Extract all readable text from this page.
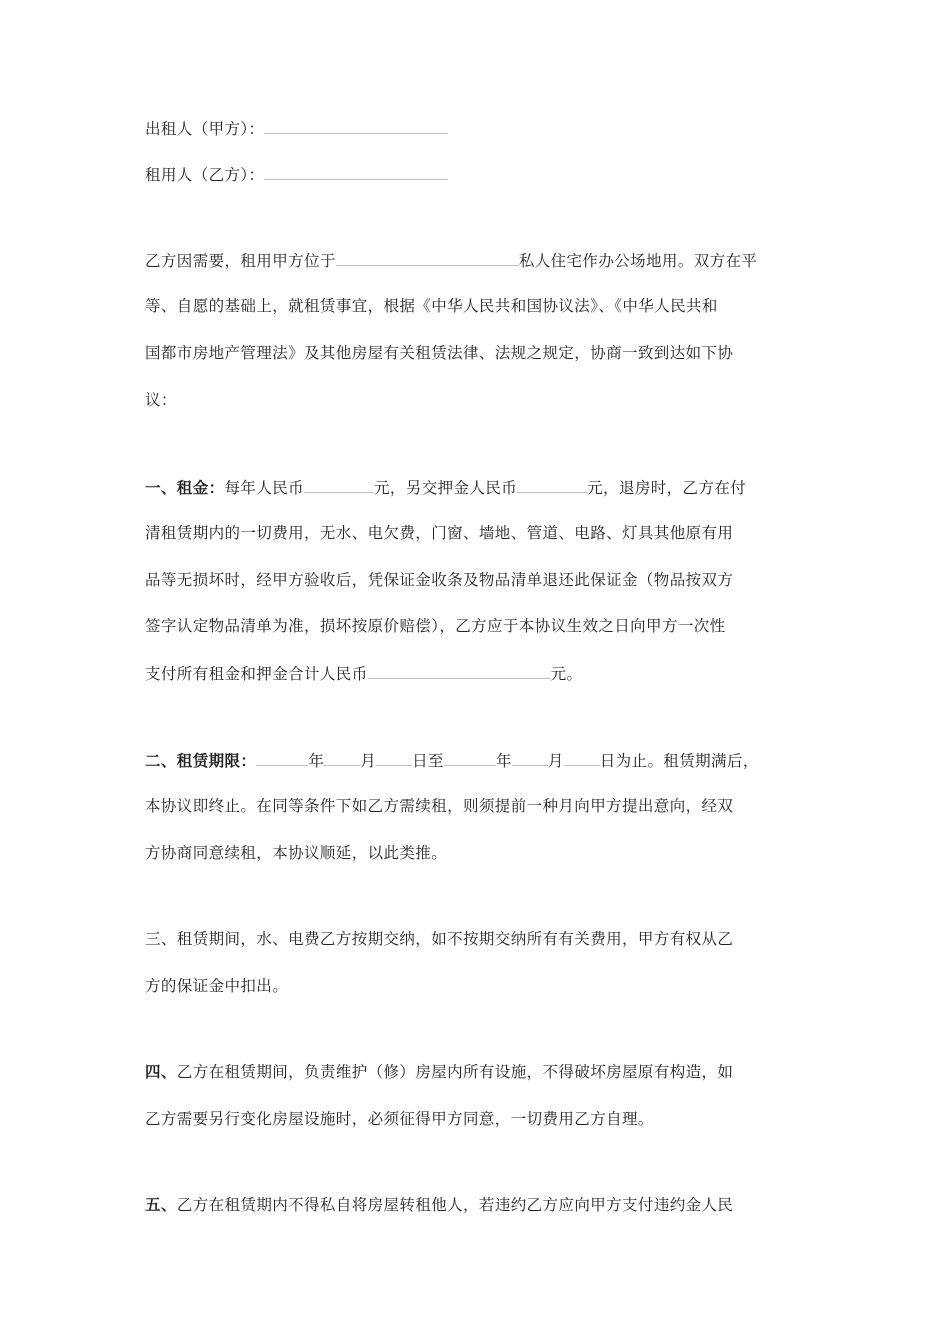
出租人（甲方）：
租用人（乙方）：
乙方因需要，租用甲方位于	私人住宅作办公场地用。双方在平
等、自愿的基础上，就租赁事宜，根据《中华人民共和国协议法》、《中华人民共和
国都市房地产管理法》及其他房屋有关租赁法律、法规之规定，协商一致到达如下协
议：
一、租金：每年人民币	元，另交押金人民币	元，退房时，乙方在付
清租赁期内的一切费用，无水、电欠费，门窗、墙地、管道、电路、灯具其他原有用
品等无损坏时，经甲方验收后，凭保证金收条及物品清单退还此保证金（物品按双方
签字认定物品清单为准，损坏按原价赔偿），乙方应于本协议生效之日向甲方一次性
支付所有租金和押金合计人民币	元。
二、租赁期限：	年 月 日至	年 月 日为止。租赁期满后，
本协议即终止。在同等条件下如乙方需续租，则须提前一种月向甲方提出意向，经双
方协商同意续租，本协议顺延，以此类推。
三、租赁期间，水、电费乙方按期交纳，如不按期交纳所有有关费用，甲方有权从乙
方的保证金中扣出。
四、乙方在租赁期间，负责维护（修）房屋内所有设施，不得破坏房屋原有构造，如
乙方需要另行变化房屋设施时，必须征得甲方同意，一切费用乙方自理。
五、乙方在租赁期内不得私自将房屋转租他人，若违约乙方应向甲方支付违约金人民
